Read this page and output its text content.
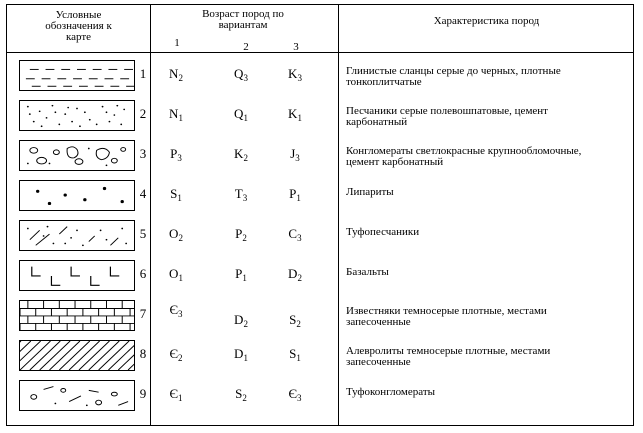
Условные
обозначения к
карте
Возраст пород по
вариантам
1	2	3
Характеристика пород
1	$N_2$	$Q_3$	$K_3$
Глинистые сланцы серые до черных, плотные
тонкоплитчатые
2	$N_1$	$Q_1$	$K_1$
Песчаники серые полевошпатовые, цемент
карбонатный
3	$P_3$	$K_2$	$J_3$
Конгломераты светлокрасные крупнообломочные,
цемент карбонатный
4	$S_1$	$T_3$	$P_1$	Липариты
5	$O_2$	$P_2$	$C_3$	Туфопесчаники
6	$O_1$	$P_1$	$D_2$	Базальты
7	$Є_3$	$D_2$	$S_2$
Известняки темносерые плотные, местами
запесоченные
8	$Є_2$	$D_1$	$S_1$
Алевролиты темносерые плотные, местами
запесоченные
9	$Є_1$	$S_2$	$Є_3$	Туфоконгломераты
